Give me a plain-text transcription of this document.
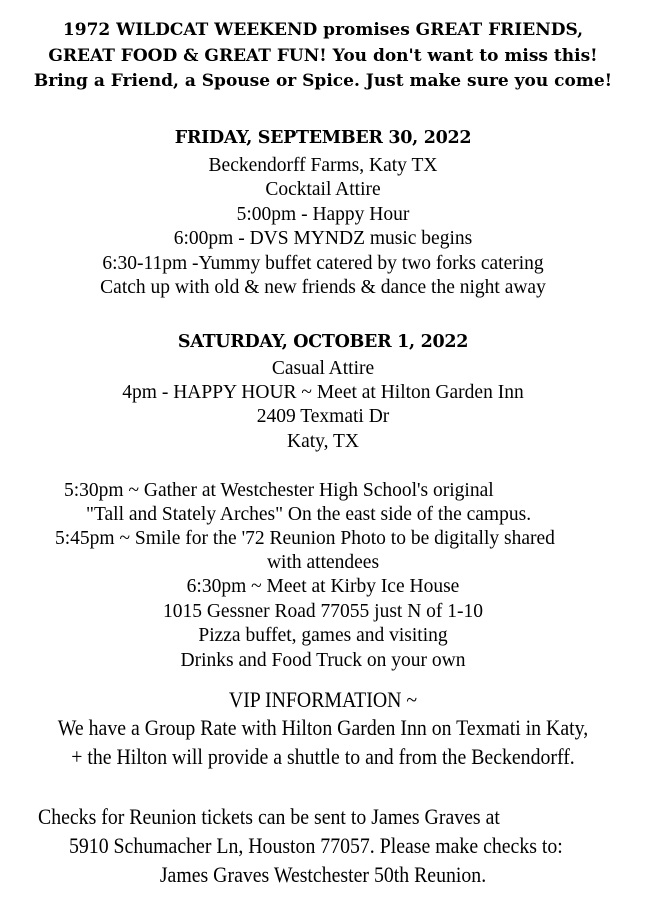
1972 WILDCAT WEEKEND promises GREAT FRIENDS,
GREAT FOOD & GREAT FUN! You don't want to miss this!
Bring a Friend, a Spouse or Spice. Just make sure you come!
FRIDAY, SEPTEMBER 30, 2022
Beckendorff Farms, Katy TX
Cocktail Attire
5:00pm - Happy Hour
6:00pm - DVS MYNDZ music begins
6:30-11pm -Yummy buffet catered by two forks catering
Catch up with old & new friends & dance the night away
SATURDAY, OCTOBER 1, 2022
Casual Attire
4pm - HAPPY HOUR ~ Meet at Hilton Garden Inn
2409 Texmati Dr
Katy, TX
5:30pm ~ Gather at Westchester High School's original
"Tall and Stately Arches" On the east side of the campus.
5:45pm ~ Smile for the '72 Reunion Photo to be digitally shared
with attendees
6:30pm ~ Meet at Kirby Ice House
1015 Gessner Road 77055 just N of 1-10
Pizza buffet, games and visiting
Drinks and Food Truck on your own
VIP INFORMATION ~
We have a Group Rate with Hilton Garden Inn on Texmati in Katy,
+ the Hilton will provide a shuttle to and from the Beckendorff.
Checks for Reunion tickets can be sent to James Graves at
5910 Schumacher Ln, Houston 77057. Please make checks to:
James Graves Westchester 50th Reunion.
